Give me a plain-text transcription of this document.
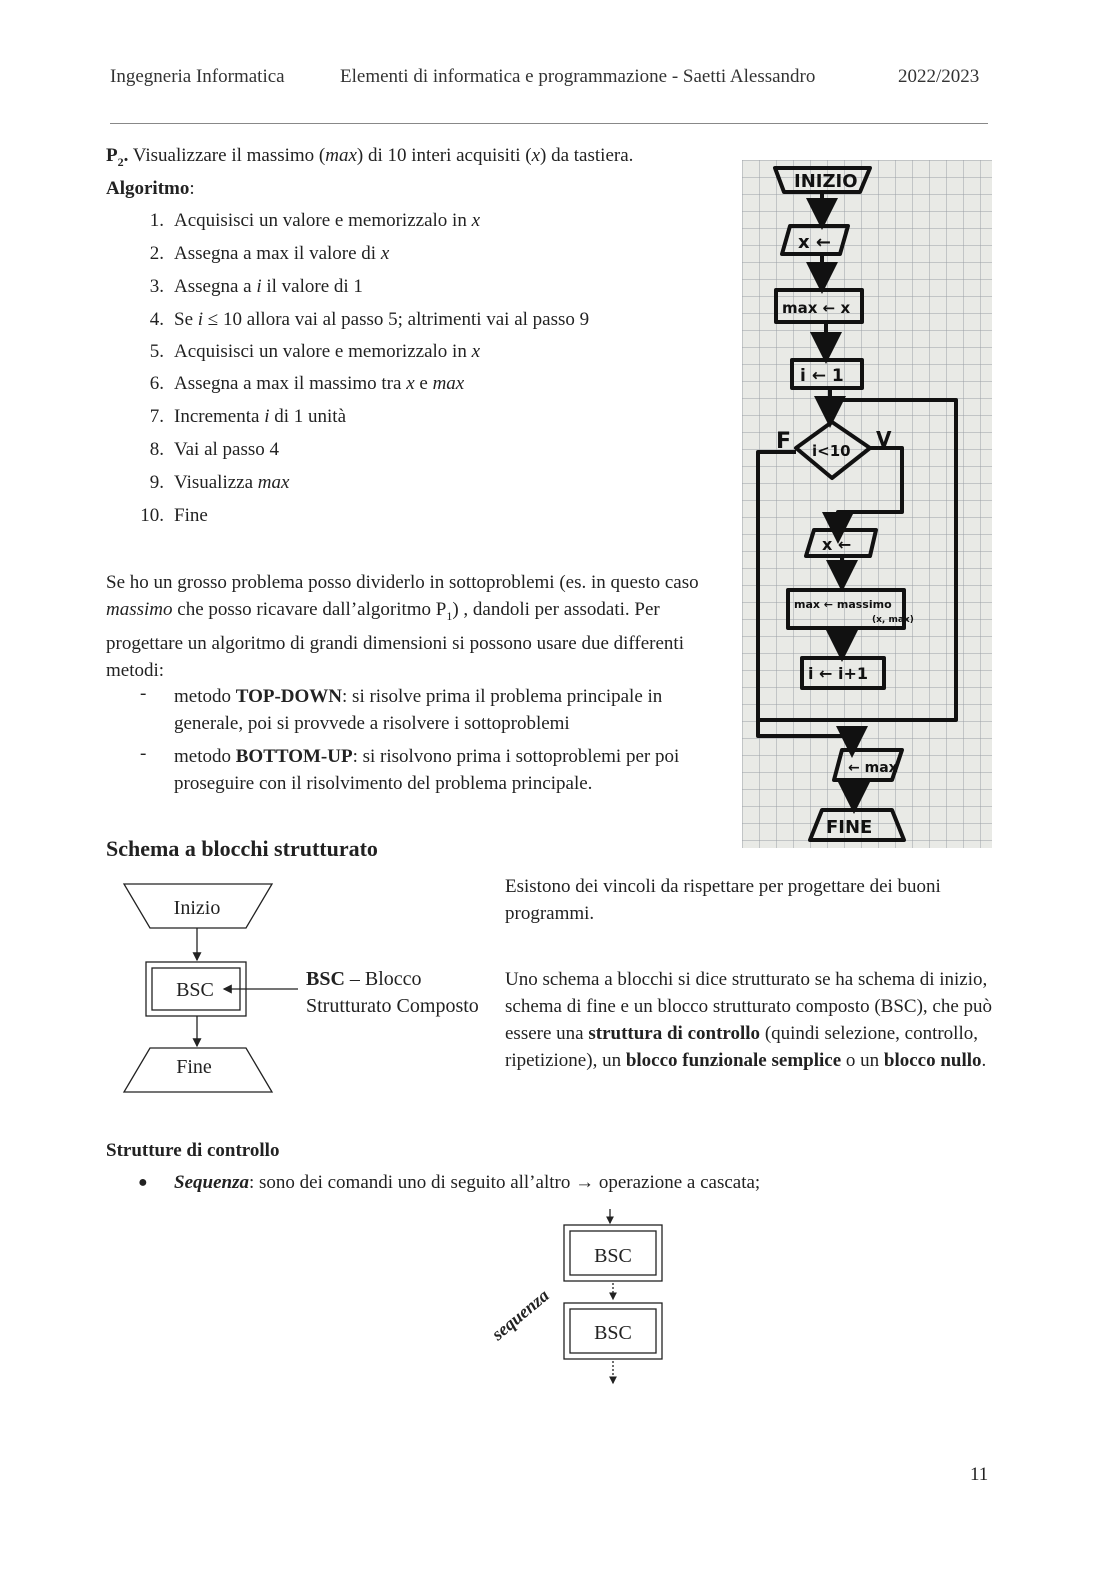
Ingegneria Informatica	Elementi di informatica e programmazione - Saetti Alessandro	2022/2023
$P_2$. Visualizzare il massimo (max) di 10 interi acquisiti (x) da tastiera.
Algoritmo:
1. Acquisisci un valore e memorizzalo in x
2. Assegna a max il valore di x
3. Assegna a i il valore di 1
4. Se i ≤ 10 allora vai al passo 5; altrimenti vai al passo 9
5. Acquisisci un valore e memorizzalo in x
6. Assegna a max il massimo tra x e max
7. Incrementa i di 1 unità
8. Vai al passo 4
9. Visualizza max
10. Fine
INIZIO
x ←
max ← x
i ← 1
i<10
F	V
x ←
max ← massimo
(x, max)
i ← i+1
← max
FINE
Se ho un grosso problema posso dividerlo in sottoproblemi (es. in questo caso massimo che posso ricavare dall’algoritmo $P_1$) , dandoli per assodati. Per progettare un algoritmo di grandi dimensioni si possono usare due differenti metodi:
- metodo TOP-DOWN: si risolve prima il problema principale in generale, poi si provvede a risolvere i sottoproblemi
- metodo BOTTOM-UP: si risolvono prima i sottoproblemi per poi proseguire con il risolvimento del problema principale.
Schema a blocchi strutturato
Inizio
BSC
Fine
BSC – Blocco
Strutturato Composto
Esistono dei vincoli da rispettare per progettare dei buoni programmi.
Uno schema a blocchi si dice strutturato se ha schema di inizio, schema di fine e un blocco strutturato composto (BSC), che può essere una struttura di controllo (quindi selezione, controllo, ripetizione), un blocco funzionale semplice o un blocco nullo.
Strutture di controllo
● Sequenza: sono dei comandi uno di seguito all’altro → operazione a cascata;
BSC
BSC
sequenza
11
